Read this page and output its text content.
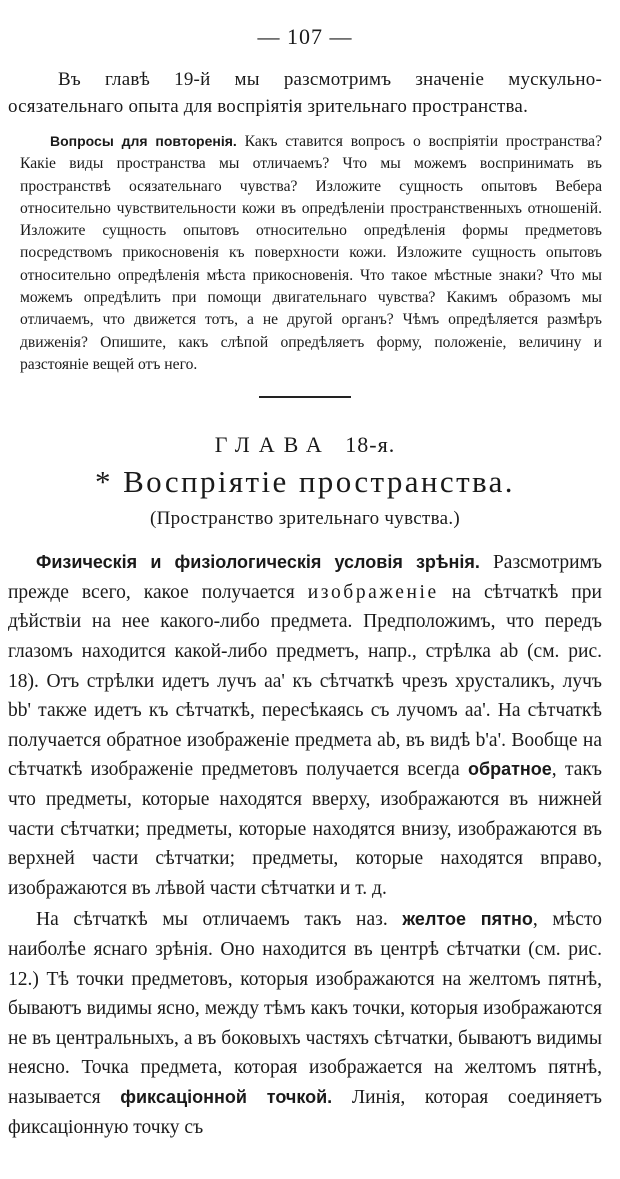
— 107 —

Въ главѣ 19-й мы разсмотримъ значеніе мускульно-осязательнаго опыта для воспріятія зрительнаго пространства.

Вопросы для повторенія. Какъ ставится вопросъ о воспріятіи пространства? Какіе виды пространства мы отличаемъ? Что мы можемъ воспринимать въ пространствѣ осязательнаго чувства? Изложите сущность опытовъ Вебера относительно чувствительности кожи въ опредѣленіи пространственныхъ отношеній. Изложите сущность опытовъ относительно опредѣленія формы предметовъ посредствомъ прикосновенія къ поверхности кожи. Изложите сущность опытовъ относительно опредѣленія мѣста прикосновенія. Что такое мѣстные знаки? Что мы можемъ опредѣлить при помощи двигательнаго чувства? Какимъ образомъ мы отличаемъ, что движется тотъ, а не другой органъ? Чѣмъ опредѣляется размѣръ движенія? Опишите, какъ слѣпой опредѣляетъ форму, положеніе, величину и разстояніе вещей отъ него.

ГЛАВА 18-я.
* Воспріятіе пространства.
(Пространство зрительнаго чувства.)

Физическія и физіологическія условія зрѣнія. Разсмотримъ прежде всего, какое получается изображеніе на сѣтчаткѣ при дѣйствіи на нее какого-либо предмета. Предположимъ, что передъ глазомъ находится какой-либо предметъ, напр., стрѣлка ab (см. рис. 18). Отъ стрѣлки идетъ лучъ aa' къ сѣтчаткѣ чрезъ хрусталикъ, лучъ bb' также идетъ къ сѣтчаткѣ, пересѣкаясь съ лучомъ aa'. На сѣтчаткѣ получается обратное изображеніе предмета ab, въ видѣ b'a'. Вообще на сѣтчаткѣ изображеніе предметовъ получается всегда обратное, такъ что предметы, которые находятся вверху, изображаются въ нижней части сѣтчатки; предметы, которые находятся внизу, изображаются въ верхней части сѣтчатки; предметы, которые находятся вправо, изображаются въ лѣвой части сѣтчатки и т. д.

На сѣтчаткѣ мы отличаемъ такъ наз. желтое пятно, мѣсто наиболѣе яснаго зрѣнія. Оно находится въ центрѣ сѣтчатки (см. рис. 12.) Тѣ точки предметовъ, которыя изображаются на желтомъ пятнѣ, бываютъ видимы ясно, между тѣмъ какъ точки, которыя изображаются не въ центральныхъ, а въ боковыхъ частяхъ сѣтчатки, бываютъ видимы неясно. Точка предмета, которая изображается на желтомъ пятнѣ, называется фиксаціонной точкой. Линія, которая соединяетъ фиксаціонную точку съ
